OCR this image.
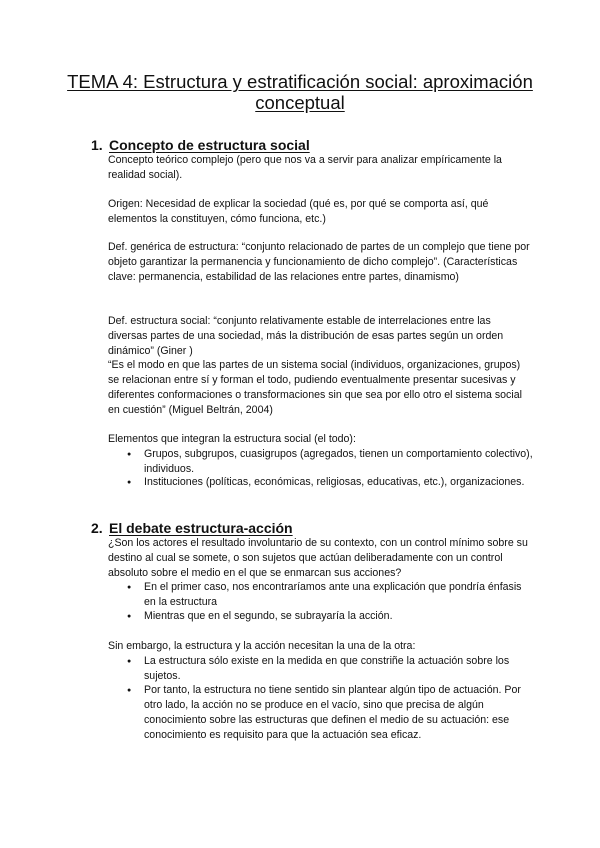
TEMA 4: Estructura y estratificación social: aproximación conceptual
1. Concepto de estructura social

Concepto teórico complejo (pero que nos va a servir para analizar empíricamente la realidad social).

Origen: Necesidad de explicar la sociedad (qué es, por qué se comporta así, qué elementos la constituyen, cómo funciona, etc.)

Def. genérica de estructura: “conjunto relacionado de partes de un complejo que tiene por objeto garantizar la permanencia y funcionamiento de dicho complejo”. (Características clave: permanencia, estabilidad de las relaciones entre partes, dinamismo)

Def. estructura social: “conjunto relativamente estable de interrelaciones entre las diversas partes de una sociedad, más la distribución de esas partes según un orden dinámico” (Giner )

“Es el modo en que las partes de un sistema social (individuos, organizaciones, grupos) se relacionan entre sí y forman el todo, pudiendo eventualmente presentar sucesivas y diferentes conformaciones o transformaciones sin que sea por ello otro el sistema social en cuestión” (Miguel Beltrán, 2004)

Elementos que integran la estructura social (el todo):

● Grupos, subgrupos, cuasigrupos (agregados, tienen un comportamiento colectivo), individuos.

● Instituciones (políticas, económicas, religiosas, educativas, etc.), organizaciones.

2. El debate estructura-acción

¿Son los actores el resultado involuntario de su contexto, con un control mínimo sobre su destino al cual se somete, o son sujetos que actúan deliberadamente con un control absoluto sobre el medio en el que se enmarcan sus acciones?

● En el primer caso, nos encontraríamos ante una explicación que pondría énfasis en la estructura

● Mientras que en el segundo, se subrayaría la acción.

Sin embargo, la estructura y la acción necesitan la una de la otra:

● La estructura sólo existe en la medida en que constriñe la actuación sobre los sujetos.

● Por tanto, la estructura no tiene sentido sin plantear algún tipo de actuación. Por otro lado, la acción no se produce en el vacío, sino que precisa de algún conocimiento sobre las estructuras que definen el medio de su actuación: ese conocimiento es requisito para que la actuación sea eficaz.
